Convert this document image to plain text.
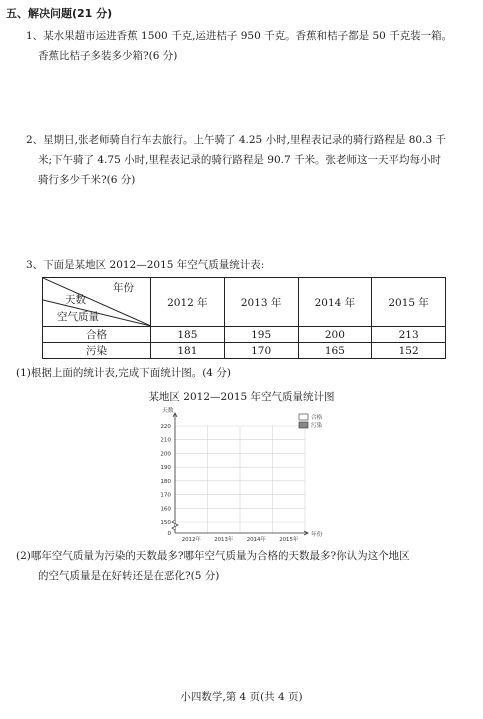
五、解决问题(21 分)
1、某水果超市运进香蕉 1500 千克,运进桔子 950 千克。香蕉和桔子都是 50 千克装一箱。
香蕉比桔子多装多少箱?(6 分)
2、星期日,张老师骑自行车去旅行。上午骑了 4.25 小时,里程表记录的骑行路程是 80.3 千
米;下午骑了 4.75 小时,里程表记录的骑行路程是 90.7 千米。张老师这一天平均每小时
骑行多少千米?(6 分)
3、下面是某地区 2012—2015 年空气质量统计表:
年份
天数
空气质量	2012 年	2013 年	2014 年	2015 年
合格	185	195	200	213
污染	181	170	165	152
(1)根据上面的统计表,完成下面统计图。(4 分)
某地区 2012—2015 年空气质量统计图
0
150
160
170
180
190
200
210
220
天数
2012年 2013年 2014年 2015年
年份
合格
污染
(2)哪年空气质量为污染的天数最多?哪年空气质量为合格的天数最多?你认为这个地区
的空气质量是在好转还是在恶化?(5 分)
小四数学,第 4 页(共 4 页)
